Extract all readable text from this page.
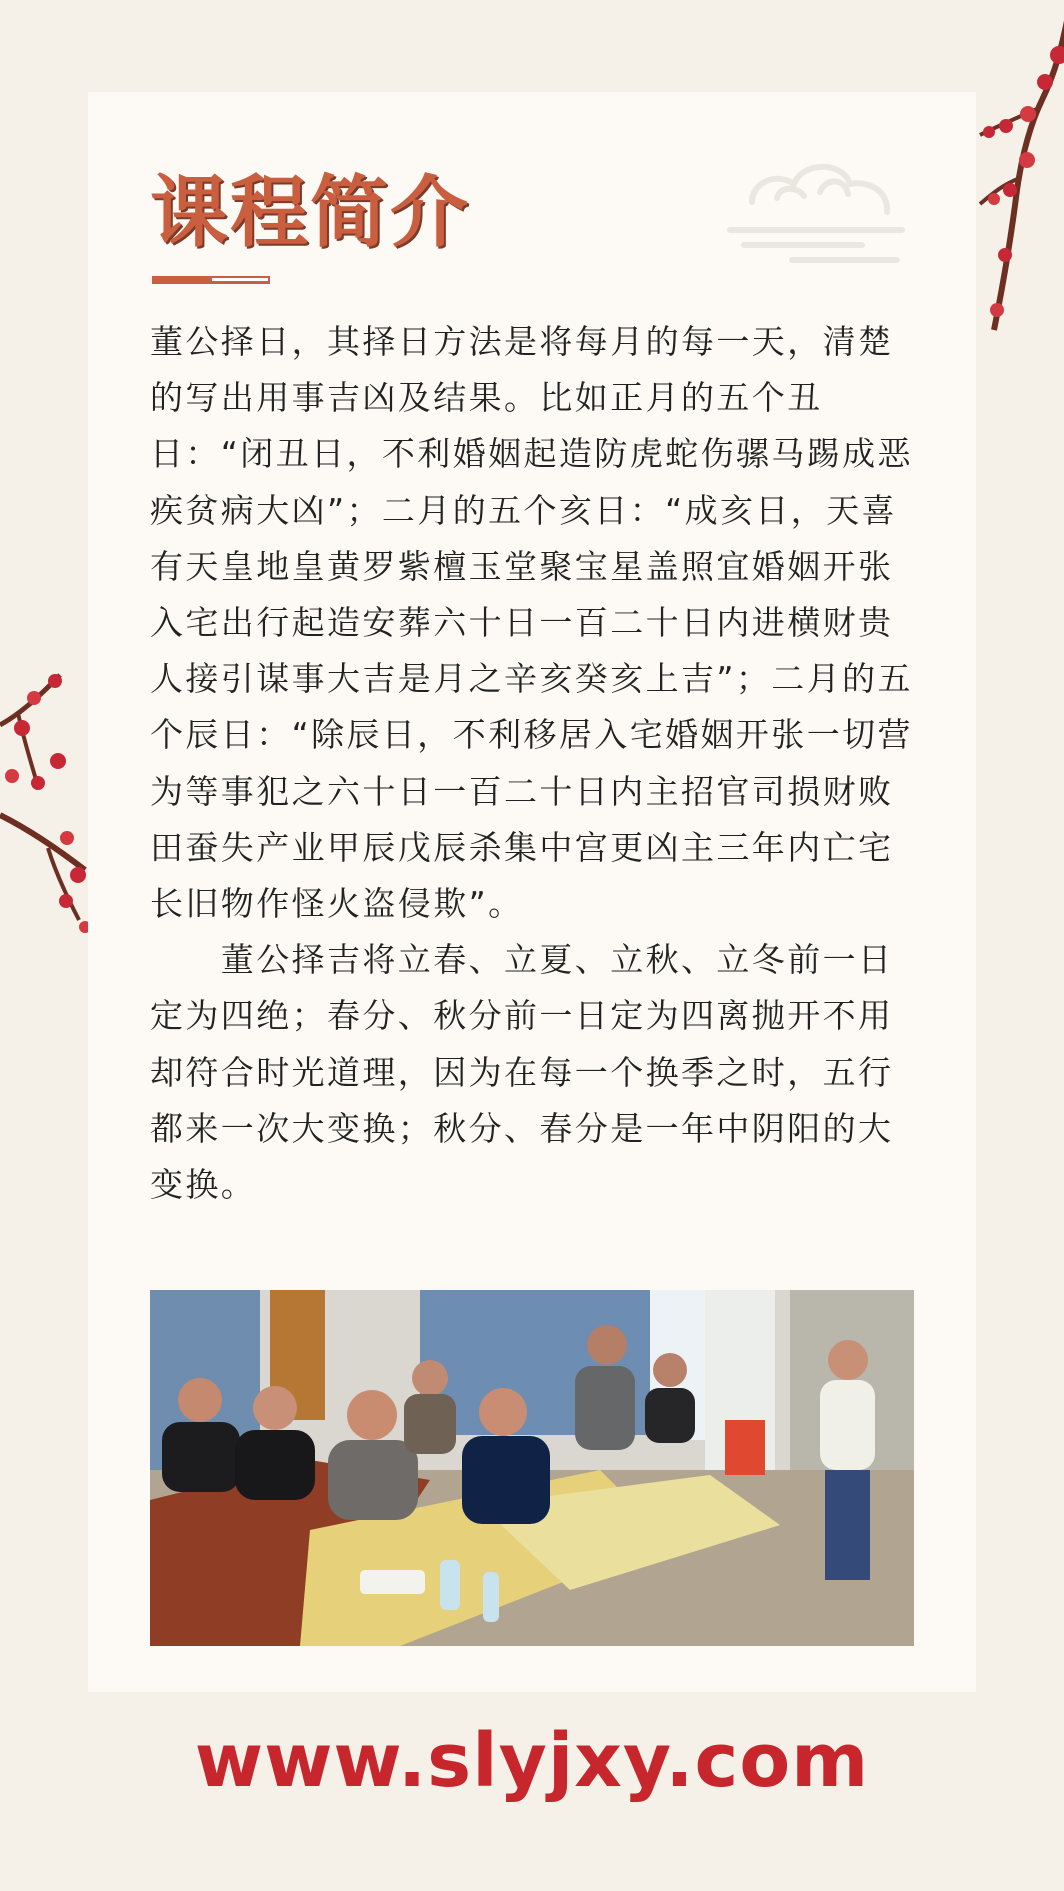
课程简介

董公择日，其择日方法是将每月的每一天，清楚的写出用事吉凶及结果。比如正月的五个丑日：“闭丑日，不利婚姻起造防虎蛇伤骡马踢成恶疾贫病大凶”；二月的五个亥日：“成亥日，天喜有天皇地皇黄罗紫檀玉堂聚宝星盖照宜婚姻开张入宅出行起造安葬六十日一百二十日内进横财贵人接引谋事大吉是月之辛亥癸亥上吉”；二月的五个辰日：“除辰日，不利移居入宅婚姻开张一切营为等事犯之六十日一百二十日内主招官司损财败田蚕失产业甲辰戊辰杀集中宫更凶主三年内亡宅长旧物作怪火盗侵欺”。

　　董公择吉将立春、立夏、立秋、立冬前一日定为四绝；春分、秋分前一日定为四离抛开不用却符合时光道理，因为在每一个换季之时，五行都来一次大变换；秋分、春分是一年中阴阳的大变换。

www.slyjxy.com
